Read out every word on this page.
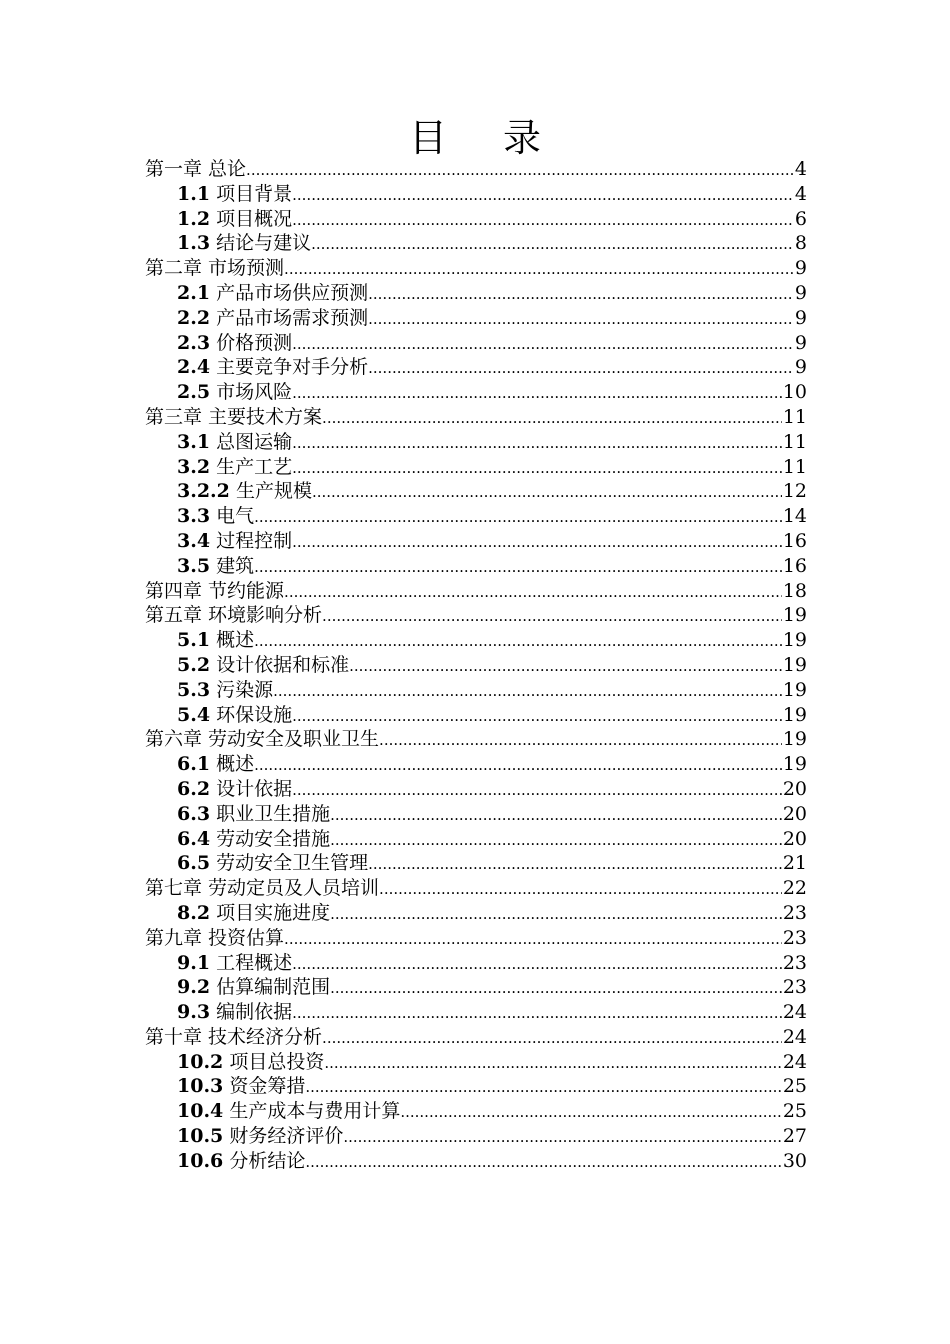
目 录
第一章 总论 .....	4
1.1 项目背景 .....	4
1.2 项目概况 .....	6
1.3 结论与建议 .....	8
第二章 市场预测 .....	9
2.1 产品市场供应预测 .....	9
2.2 产品市场需求预测 .....	9
2.3 价格预测 .....	9
2.4 主要竞争对手分析 .....	9
2.5 市场风险 .....	10
第三章 主要技术方案 .....	11
3.1 总图运输 .....	11
3.2 生产工艺 .....	11
3.2.2 生产规模 .....	12
3.3 电气 .....	14
3.4 过程控制 .....	16
3.5 建筑 .....	16
第四章 节约能源 .....	18
第五章 环境影响分析 .....	19
5.1 概述 .....	19
5.2 设计依据和标准 .....	19
5.3 污染源 .....	19
5.4 环保设施 .....	19
第六章 劳动安全及职业卫生 .....	19
6.1 概述 .....	19
6.2 设计依据 .....	20
6.3 职业卫生措施 .....	20
6.4 劳动安全措施 .....	20
6.5 劳动安全卫生管理 .....	21
第七章 劳动定员及人员培训 .....	22
8.2 项目实施进度 .....	23
第九章 投资估算 .....	23
9.1 工程概述 .....	23
9.2 估算编制范围 .....	23
9.3 编制依据 .....	24
第十章 技术经济分析 .....	24
10.2 项目总投资 .....	24
10.3 资金筹措 .....	25
10.4 生产成本与费用计算 .....	25
10.5 财务经济评价 .....	27
10.6 分析结论 .....	30
